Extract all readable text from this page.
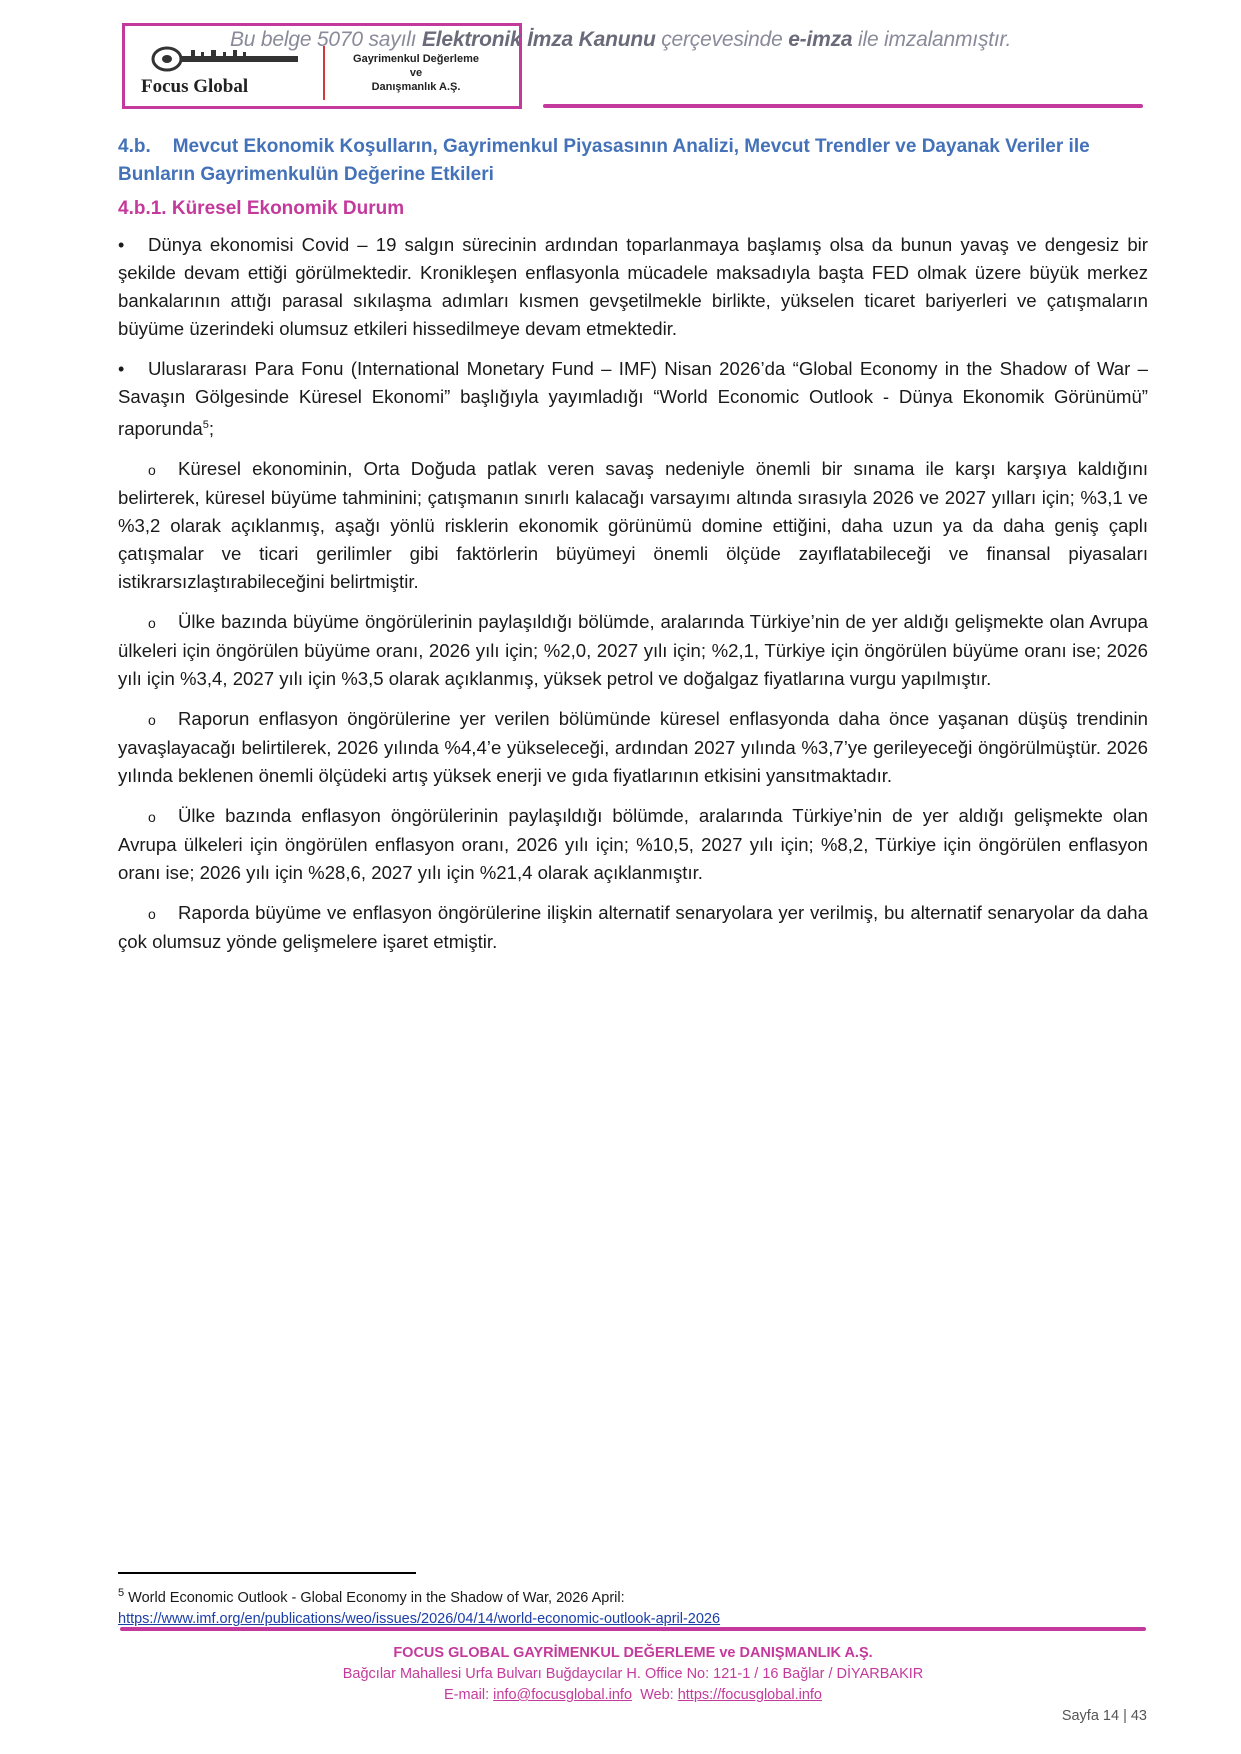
Focus Global
Gayrimenkul Değerleme
ve
Danışmanlık A.Ş.
Bu belge 5070 sayılı Elektronik İmza Kanunu çerçevesinde e-imza ile imzalanmıştır.

4.b. Mevcut Ekonomik Koşulların, Gayrimenkul Piyasasının Analizi, Mevcut Trendler ve Dayanak Veriler ile Bunların Gayrimenkulün Değerine Etkileri

4.b.1. Küresel Ekonomik Durum

• Dünya ekonomisi Covid – 19 salgın sürecinin ardından toparlanmaya başlamış olsa da bunun yavaş ve dengesiz bir şekilde devam ettiği görülmektedir. Kronikleşen enflasyonla mücadele maksadıyla başta FED olmak üzere büyük merkez bankalarının attığı parasal sıkılaşma adımları kısmen gevşetilmekle birlikte, yükselen ticaret bariyerleri ve çatışmaların büyüme üzerindeki olumsuz etkileri hissedilmeye devam etmektedir.

• Uluslararası Para Fonu (International Monetary Fund – IMF) Nisan 2026’da “Global Economy in the Shadow of War – Savaşın Gölgesinde Küresel Ekonomi” başlığıyla yayımladığı “World Economic Outlook - Dünya Ekonomik Görünümü” raporunda$^5$;

o Küresel ekonominin, Orta Doğuda patlak veren savaş nedeniyle önemli bir sınama ile karşı karşıya kaldığını belirterek, küresel büyüme tahminini; çatışmanın sınırlı kalacağı varsayımı altında sırasıyla 2026 ve 2027 yılları için; %3,1 ve %3,2 olarak açıklanmış, aşağı yönlü risklerin ekonomik görünümü domine ettiğini, daha uzun ya da daha geniş çaplı çatışmalar ve ticari gerilimler gibi faktörlerin büyümeyi önemli ölçüde zayıflatabileceği ve finansal piyasaları istikrarsızlaştırabileceğini belirtmiştir.

o Ülke bazında büyüme öngörülerinin paylaşıldığı bölümde, aralarında Türkiye’nin de yer aldığı gelişmekte olan Avrupa ülkeleri için öngörülen büyüme oranı, 2026 yılı için; %2,0, 2027 yılı için; %2,1, Türkiye için öngörülen büyüme oranı ise; 2026 yılı için %3,4, 2027 yılı için %3,5 olarak açıklanmış, yüksek petrol ve doğalgaz fiyatlarına vurgu yapılmıştır.

o Raporun enflasyon öngörülerine yer verilen bölümünde küresel enflasyonda daha önce yaşanan düşüş trendinin yavaşlayacağı belirtilerek, 2026 yılında %4,4’e yükseleceği, ardından 2027 yılında %3,7’ye gerileyeceği öngörülmüştür. 2026 yılında beklenen önemli ölçüdeki artış yüksek enerji ve gıda fiyatlarının etkisini yansıtmaktadır.

o Ülke bazında enflasyon öngörülerinin paylaşıldığı bölümde, aralarında Türkiye’nin de yer aldığı gelişmekte olan Avrupa ülkeleri için öngörülen enflasyon oranı, 2026 yılı için; %10,5, 2027 yılı için; %8,2, Türkiye için öngörülen enflasyon oranı ise; 2026 yılı için %28,6, 2027 yılı için %21,4 olarak açıklanmıştır.

o Raporda büyüme ve enflasyon öngörülerine ilişkin alternatif senaryolara yer verilmiş, bu alternatif senaryolar da daha çok olumsuz yönde gelişmelere işaret etmiştir.

$^5$ World Economic Outlook - Global Economy in the Shadow of War, 2026 April:
https://www.imf.org/en/publications/weo/issues/2026/04/14/world-economic-outlook-april-2026
FOCUS GLOBAL GAYRİMENKUL DEĞERLEME ve DANIŞMANLIK A.Ş.
Bağcılar Mahallesi Urfa Bulvarı Buğdaycılar H. Office No: 121-1 / 16 Bağlar / DİYARBAKIR
E-mail: info@focusglobal.info Web: https://focusglobal.info
Sayfa 14 | 43
